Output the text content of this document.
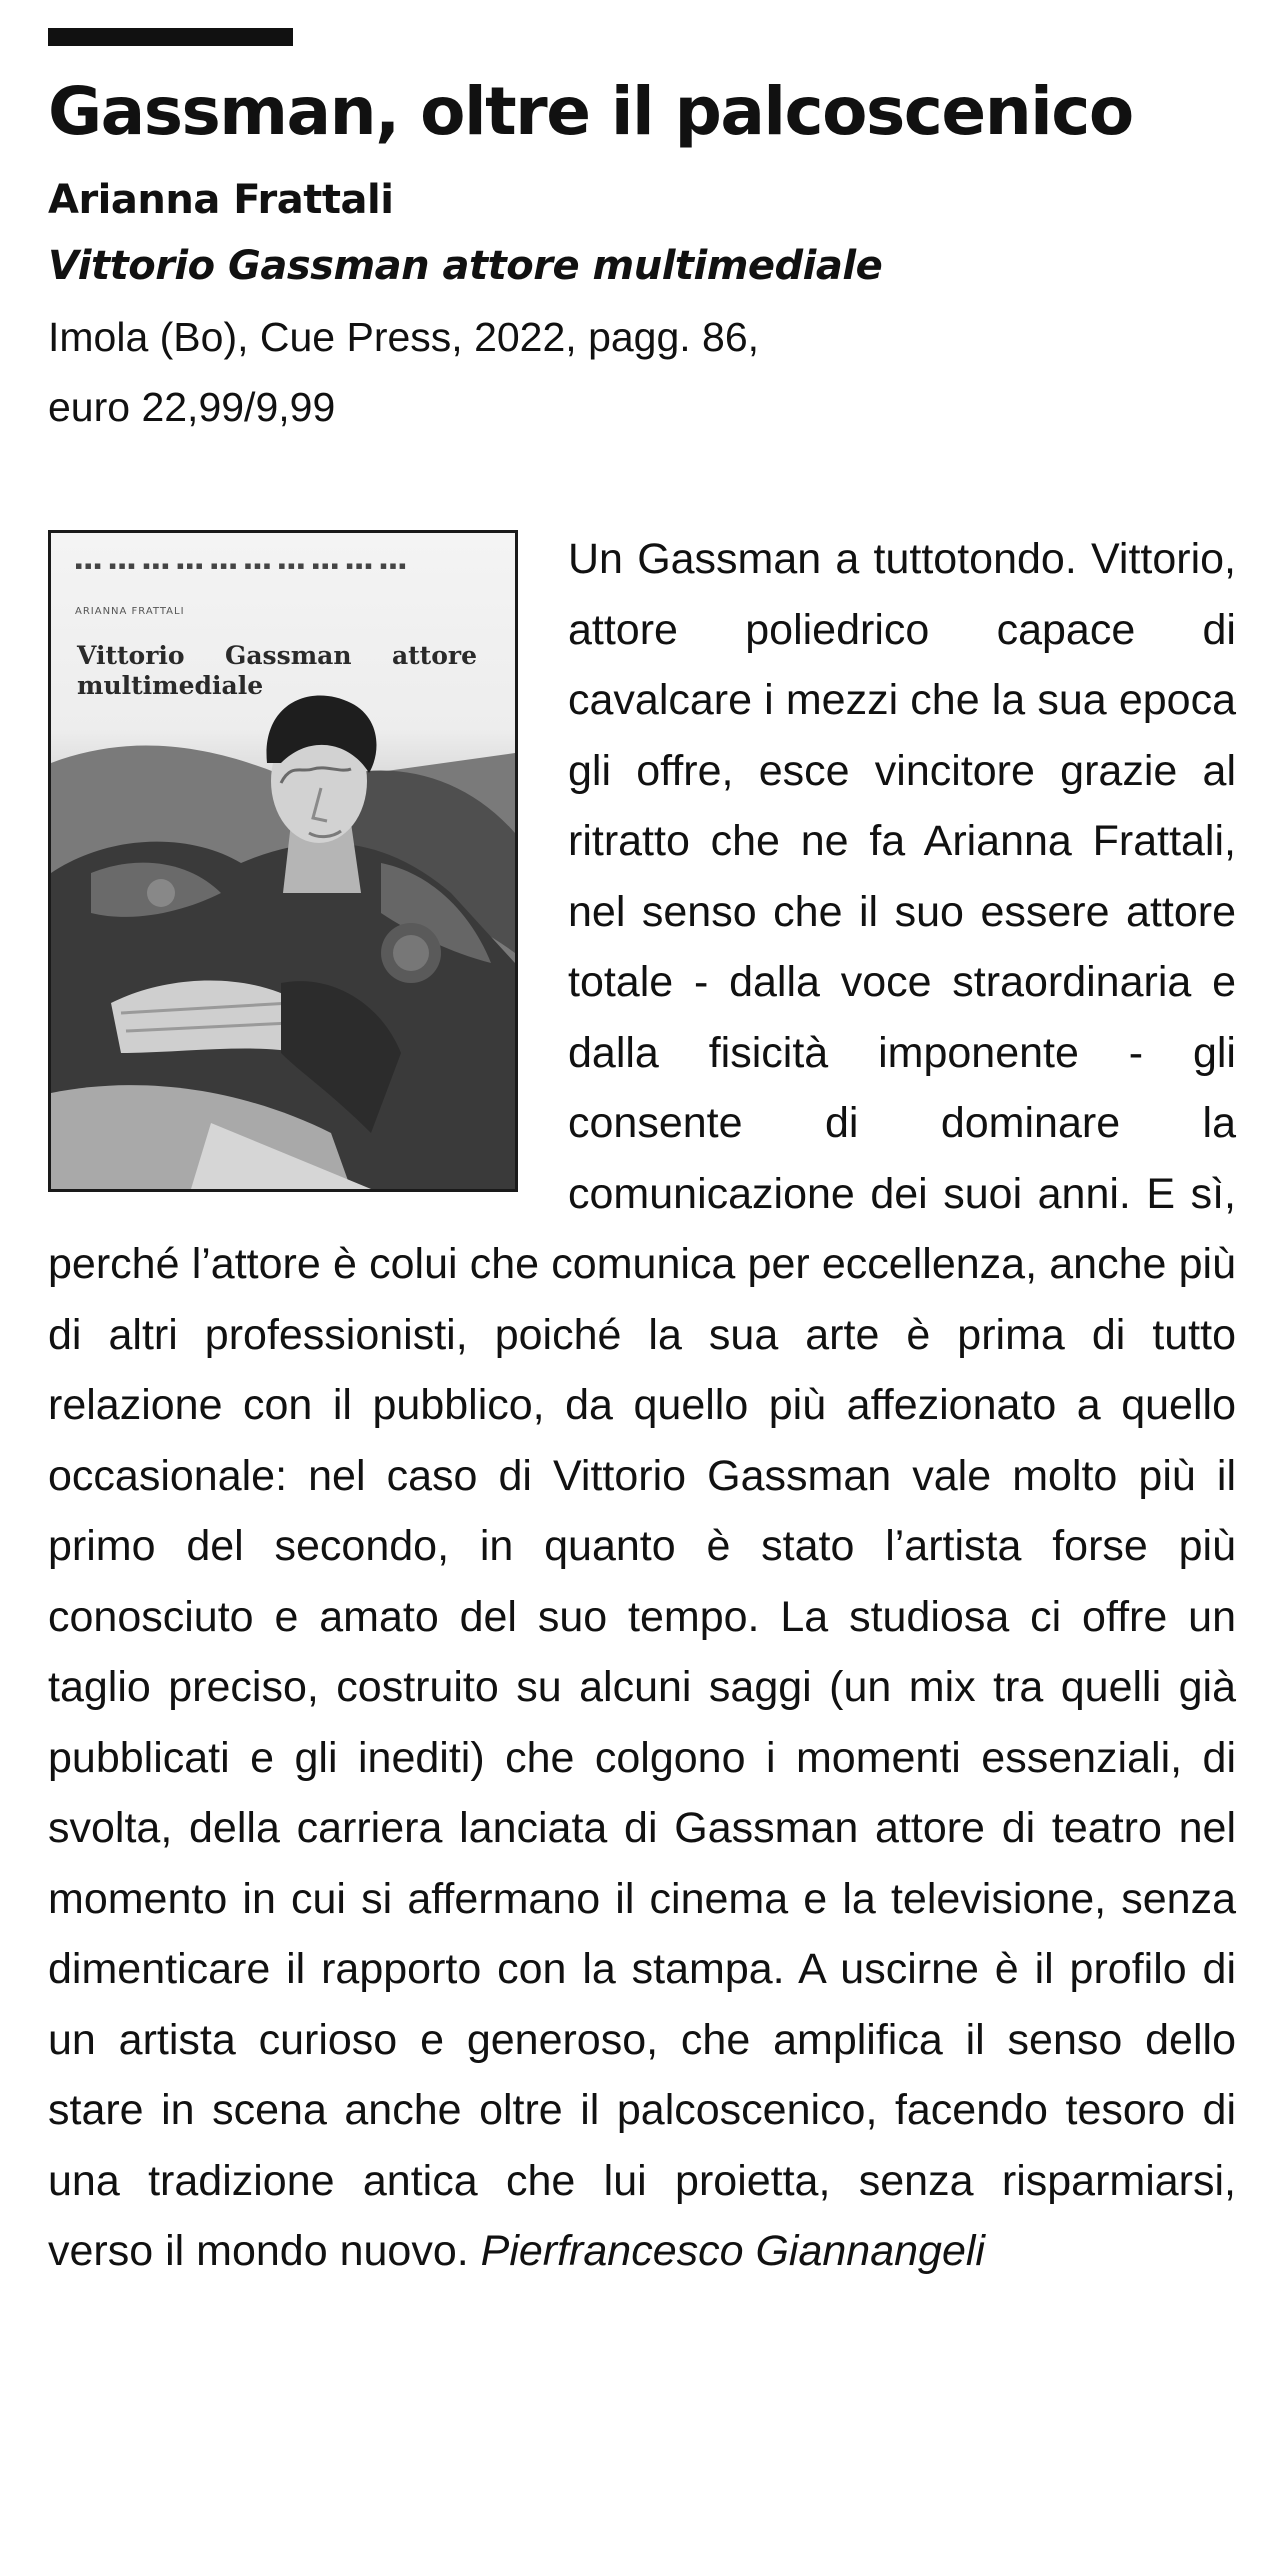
Gassman, oltre il palcoscenico
Arianna Frattali
Vittorio Gassman attore multimediale
Imola (Bo), Cue Press, 2022, pagg. 86,
euro 22,99/9,99
▪▪▪ ▪▪▪ ▪▪▪ ▪▪▪ ▪▪▪ ▪▪▪ ▪▪▪ ▪▪▪ ▪▪▪ ▪▪▪
ARIANNA FRATTALI
Vittorio Gassman attore multimediale
Un Gassman a tuttotondo. Vittorio, attore poliedrico capace di cavalcare i mezzi che la sua epoca gli offre, esce vincitore grazie al ritratto che ne fa Arianna Frattali, nel senso che il suo essere attore totale - dalla voce straordinaria e dalla fisicità imponente - gli consente di dominare la comunicazione dei suoi anni. E sì, perché l’attore è colui che comunica per eccellenza, anche più di altri professionisti, poiché la sua arte è prima di tutto relazione con il pubblico, da quello più affezionato a quello occasionale: nel caso di Vittorio Gassman vale molto più il primo del secondo, in quanto è stato l’artista forse più conosciuto e amato del suo tempo. La studiosa ci offre un taglio preciso, costruito su alcuni saggi (un mix tra quelli già pubblicati e gli inediti) che colgono i momenti essenziali, di svolta, della carriera lanciata di Gassman attore di teatro nel momento in cui si affermano il cinema e la televisione, senza dimenticare il rapporto con la stampa. A uscirne è il profilo di un artista curioso e generoso, che amplifica il senso dello stare in scena anche oltre il palcoscenico, facendo tesoro di una tradizione antica che lui proietta, senza risparmiarsi, verso il mondo nuovo. Pierfrancesco Giannangeli
